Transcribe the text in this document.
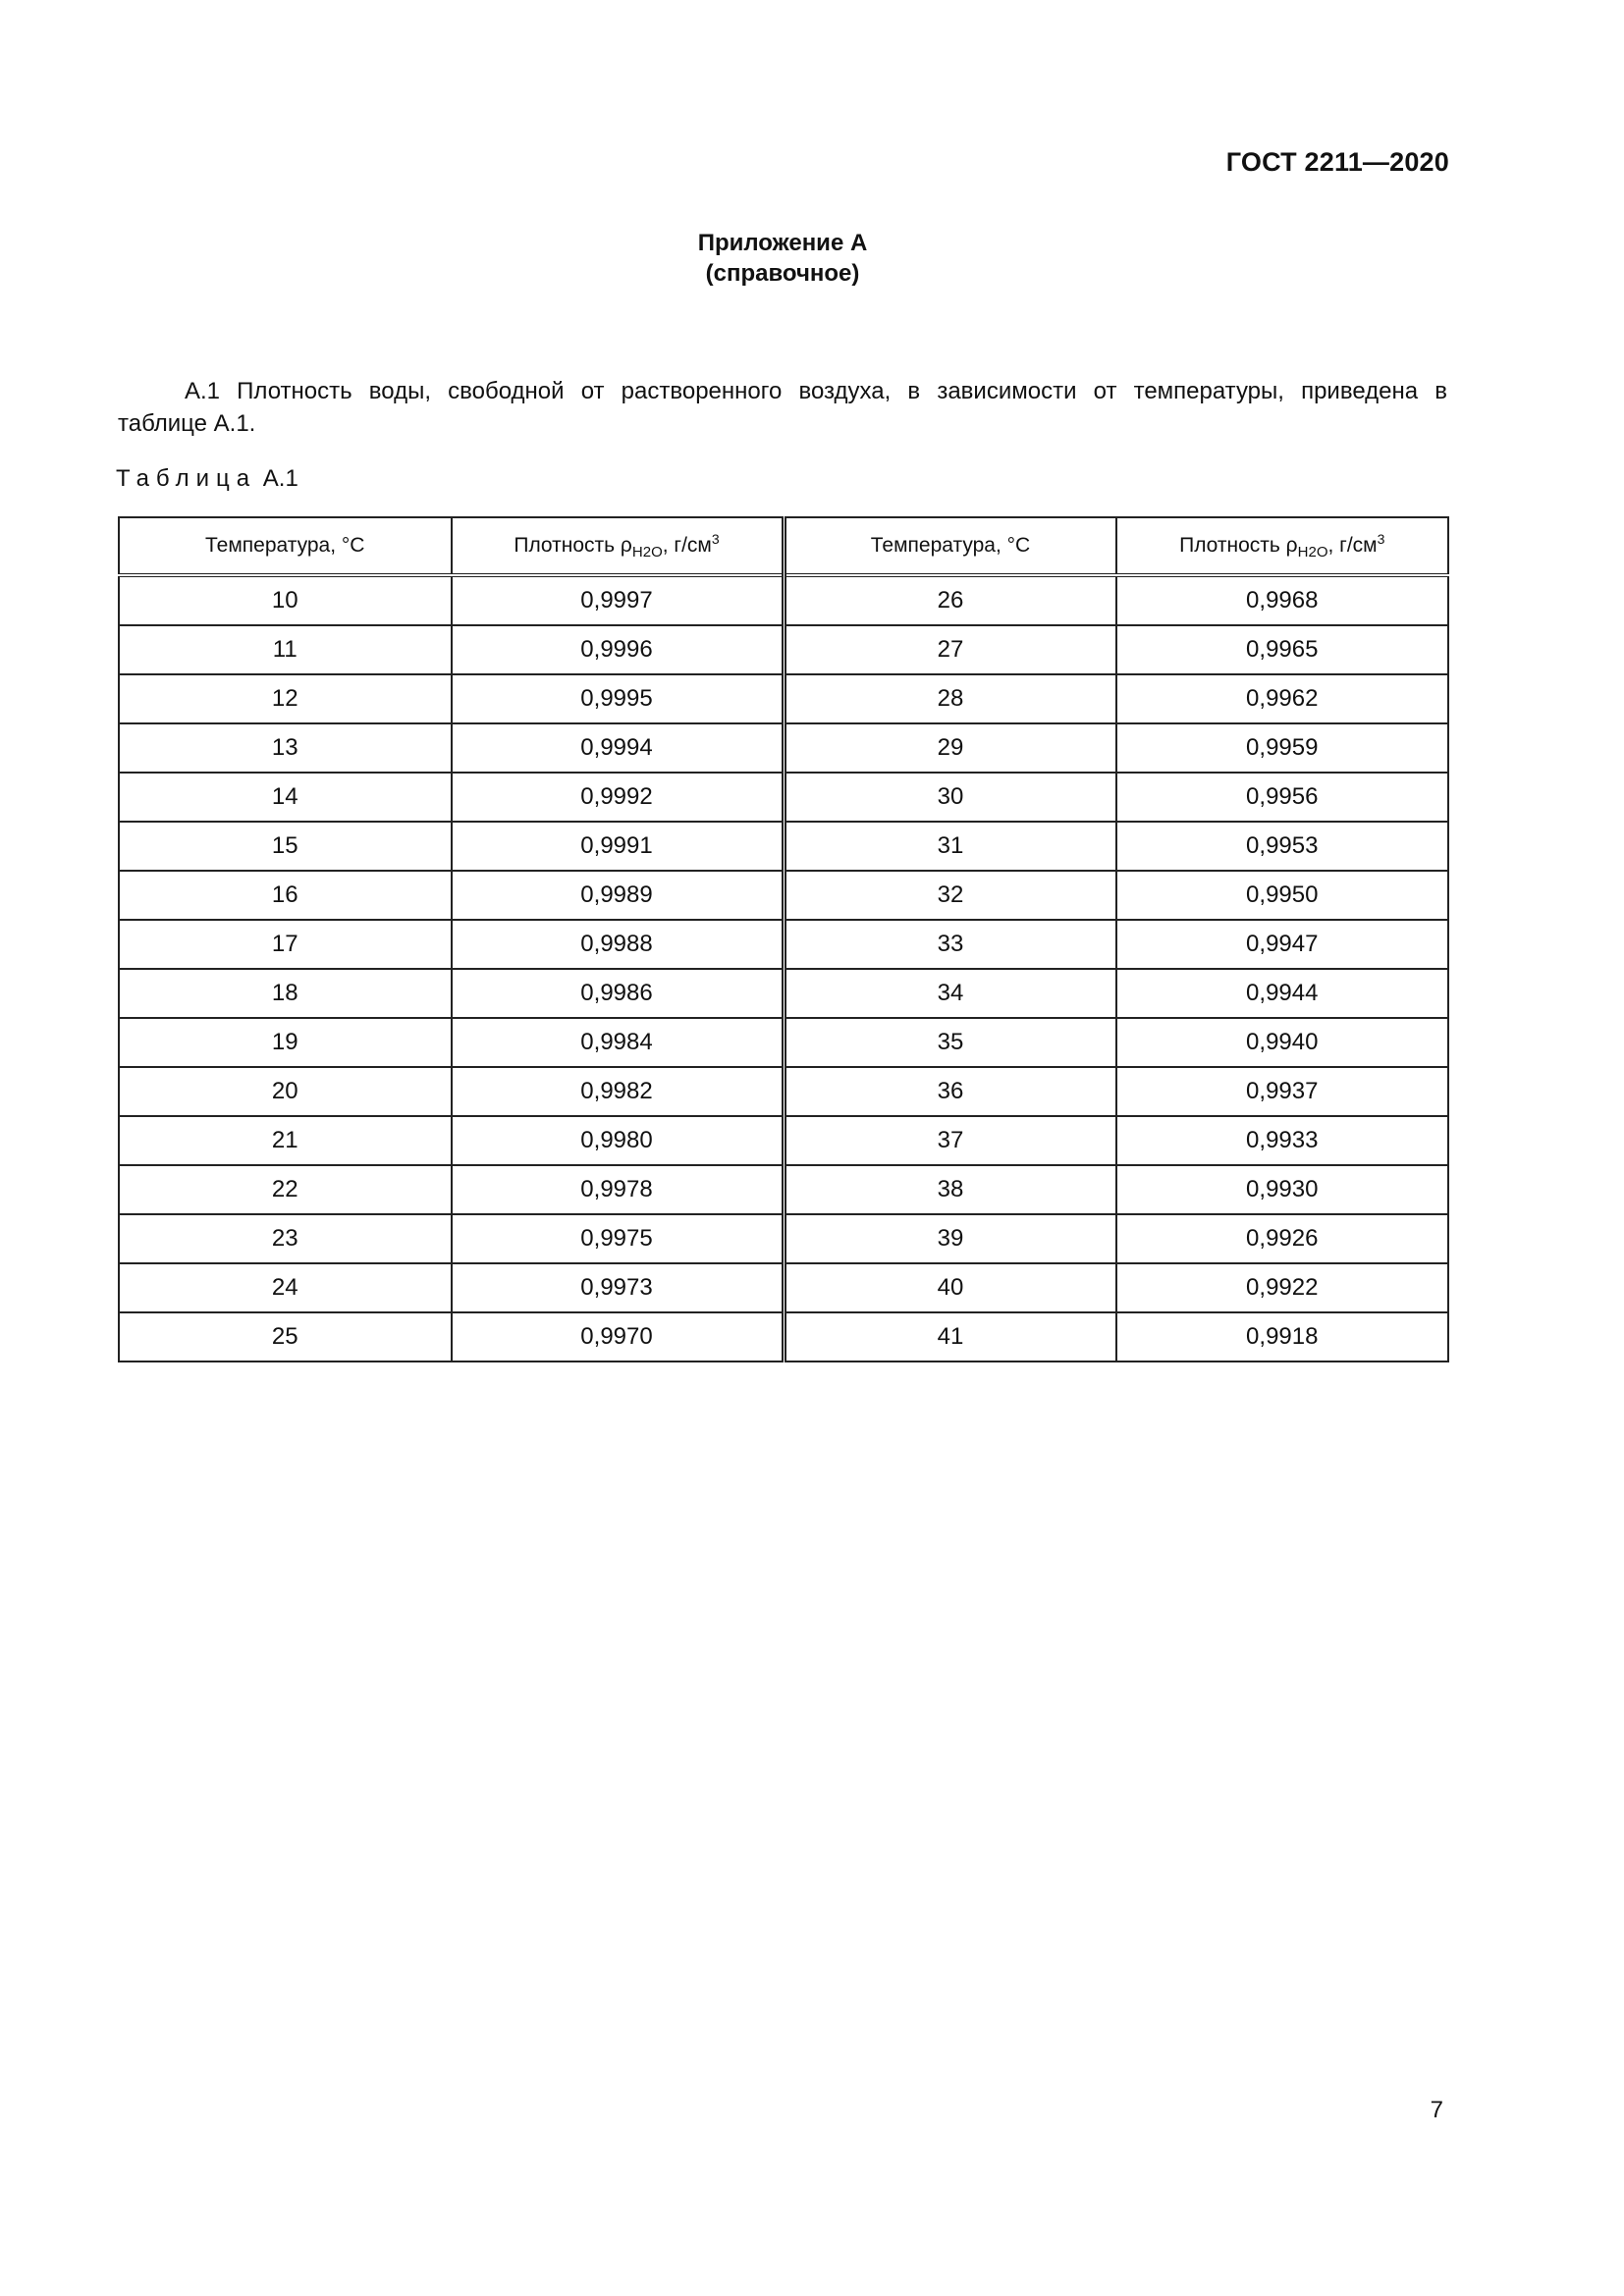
ГОСТ 2211—2020
Приложение А
(справочное)
А.1 Плотность воды, свободной от растворенного воздуха, в зависимости от температуры, приведена в
таблице А.1.
Таблица А.1
Температура, °С	Плотность $\rho_{H2O}$, $г/см^3$	Температура, °С	Плотность $\rho_{H2O}$, $г/см^3$
10	0,9997	26	0,9968
11	0,9996	27	0,9965
12	0,9995	28	0,9962
13	0,9994	29	0,9959
14	0,9992	30	0,9956
15	0,9991	31	0,9953
16	0,9989	32	0,9950
17	0,9988	33	0,9947
18	0,9986	34	0,9944
19	0,9984	35	0,9940
20	0,9982	36	0,9937
21	0,9980	37	0,9933
22	0,9978	38	0,9930
23	0,9975	39	0,9926
24	0,9973	40	0,9922
25	0,9970	41	0,9918
7
